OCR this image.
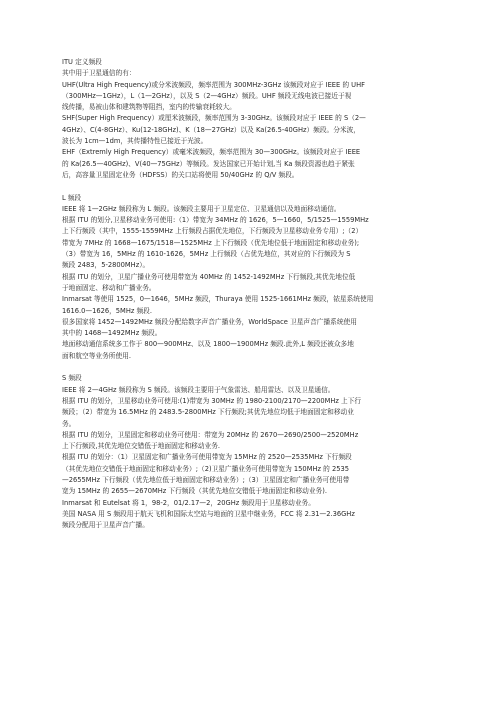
ITU 定义频段
其中用于卫星通信的有：
UHF(Ultra High Frequency)或分米波频段，频率范围为 300MHz-3GHz 该频段对应于 IEEE 的 UHF
（300MHz—1GHz），L（1—2GHz），以及 S（2—4GHz）频段。UHF 频段无线电波已接近于视
线传播，易被山体和建筑物等阻挡，室内的传输衰耗较大。
SHF(Super High Frequency）或厘米波频段，频率范围为 3-30GHz。该频段对应于 IEEE 的 S（2—
4GHz）、C(4-8GHz）、Ku(12-18GHz)、K（18—27GHz）以及 Ka(26.5-40GHz）频段。分米波，
波长为 1cm—1dm，其传播特性已接近于光波。
EHF（Extremly High Frequency）或毫米波频段，频率范围为 30—300GHz。该频段对应于 IEEE
的 Ka(26.5—40GHz)、V(40—75GHz）等频段。发达国家已开始计划,当 Ka 频段资源也趋于紧张
后，高容量卫星固定业务（HDFSS）的关口站将使用 50/40GHz 的 Q/V 频段。
L 频段
IEEE 将 1—2GHz 频段称为 L 频段。该频段主要用于卫星定位、卫星通信以及地面移动通信。
根据 ITU 的划分,卫星移动业务可使用:（1）带宽为 34MHz 的 1626，5—1660，5/1525—1559MHz
上下行频段（其中，1555-1559MHz 上行频段占据优先地位，下行频段为卫星移动业务专用）;（2）
带宽为 7MHz 的 1668—1675/1518—1525MHz 上下行频段（优先地位低于地面固定和移动业务);
（3）带宽为 16，5MHz 的 1610-1626，5MHz 上行频段（占优先地位，其对应的下行频段为 S
频段 2483，5-2800MHz）。
根据 ITU 的划分，卫星广播业务可使用带宽为 40MHz 的 1452-1492MHz 下行频段,其优先地位低
于地面固定、移动和广播业务。
Inmarsat 等使用 1525，0—1646，5MHz 频段，Thuraya 使用 1525-1661MHz 频段，铱星系统使用
1616.0—1626，5MHz 频段.
很多国家将 1452—1492MHz 频段分配给数字声音广播业务，WorldSpace 卫星声音广播系统使用
其中的 1468—1492MHz 频段。
地面移动通信系统多工作于 800—900MHz、以及 1800—1900MHz 频段.此外,L 频段还被众多地
面和航空等业务所使用.
S 频段
IEEE 将 2—4GHz 频段称为 S 频段。该频段主要用于气象雷达、船用雷达、以及卫星通信。
根据 ITU 的划分，卫星移动业务可使用:(1)带宽为 30MHz 的 1980-2100/2170—2200MHz 上下行
频段；（2）带宽为 16.5MHz 的 2483.5-2800MHz 下行频段;其优先地位均低于地面固定和移动业
务。
根据 ITU 的划分，卫星固定和移动业务可使用：带宽为 20MHz 的 2670—2690/2500—2520MHz
上下行频段,其优先地位交错低于地面固定和移动业务.
根据 ITU 的划分：（1）卫星固定和广播业务可使用带宽为 15MHz 的 2520—2535MHz 下行频段
（其优先地位交错低于地面固定和移动业务）;（2)卫星广播业务可使用带宽为 150MHz 的 2535
—2655MHz 下行频段（优先地位低于地面固定和移动业务）;（3）卫星固定和广播业务可使用带
宽为 15MHz 的 2655—2670MHz 下行频段（其优先地位交错低于地面固定和移动业务).
Inmarsat 和 Eutelsat 将 1，98-2，01/2.17—2，20GHz 频段用于卫星移动业务。
美国 NASA 用 S 频段用于航天飞机和国际太空站与地面的卫星中继业务，FCC 将 2.31—2.36GHz
频段分配用于卫星声音广播。
